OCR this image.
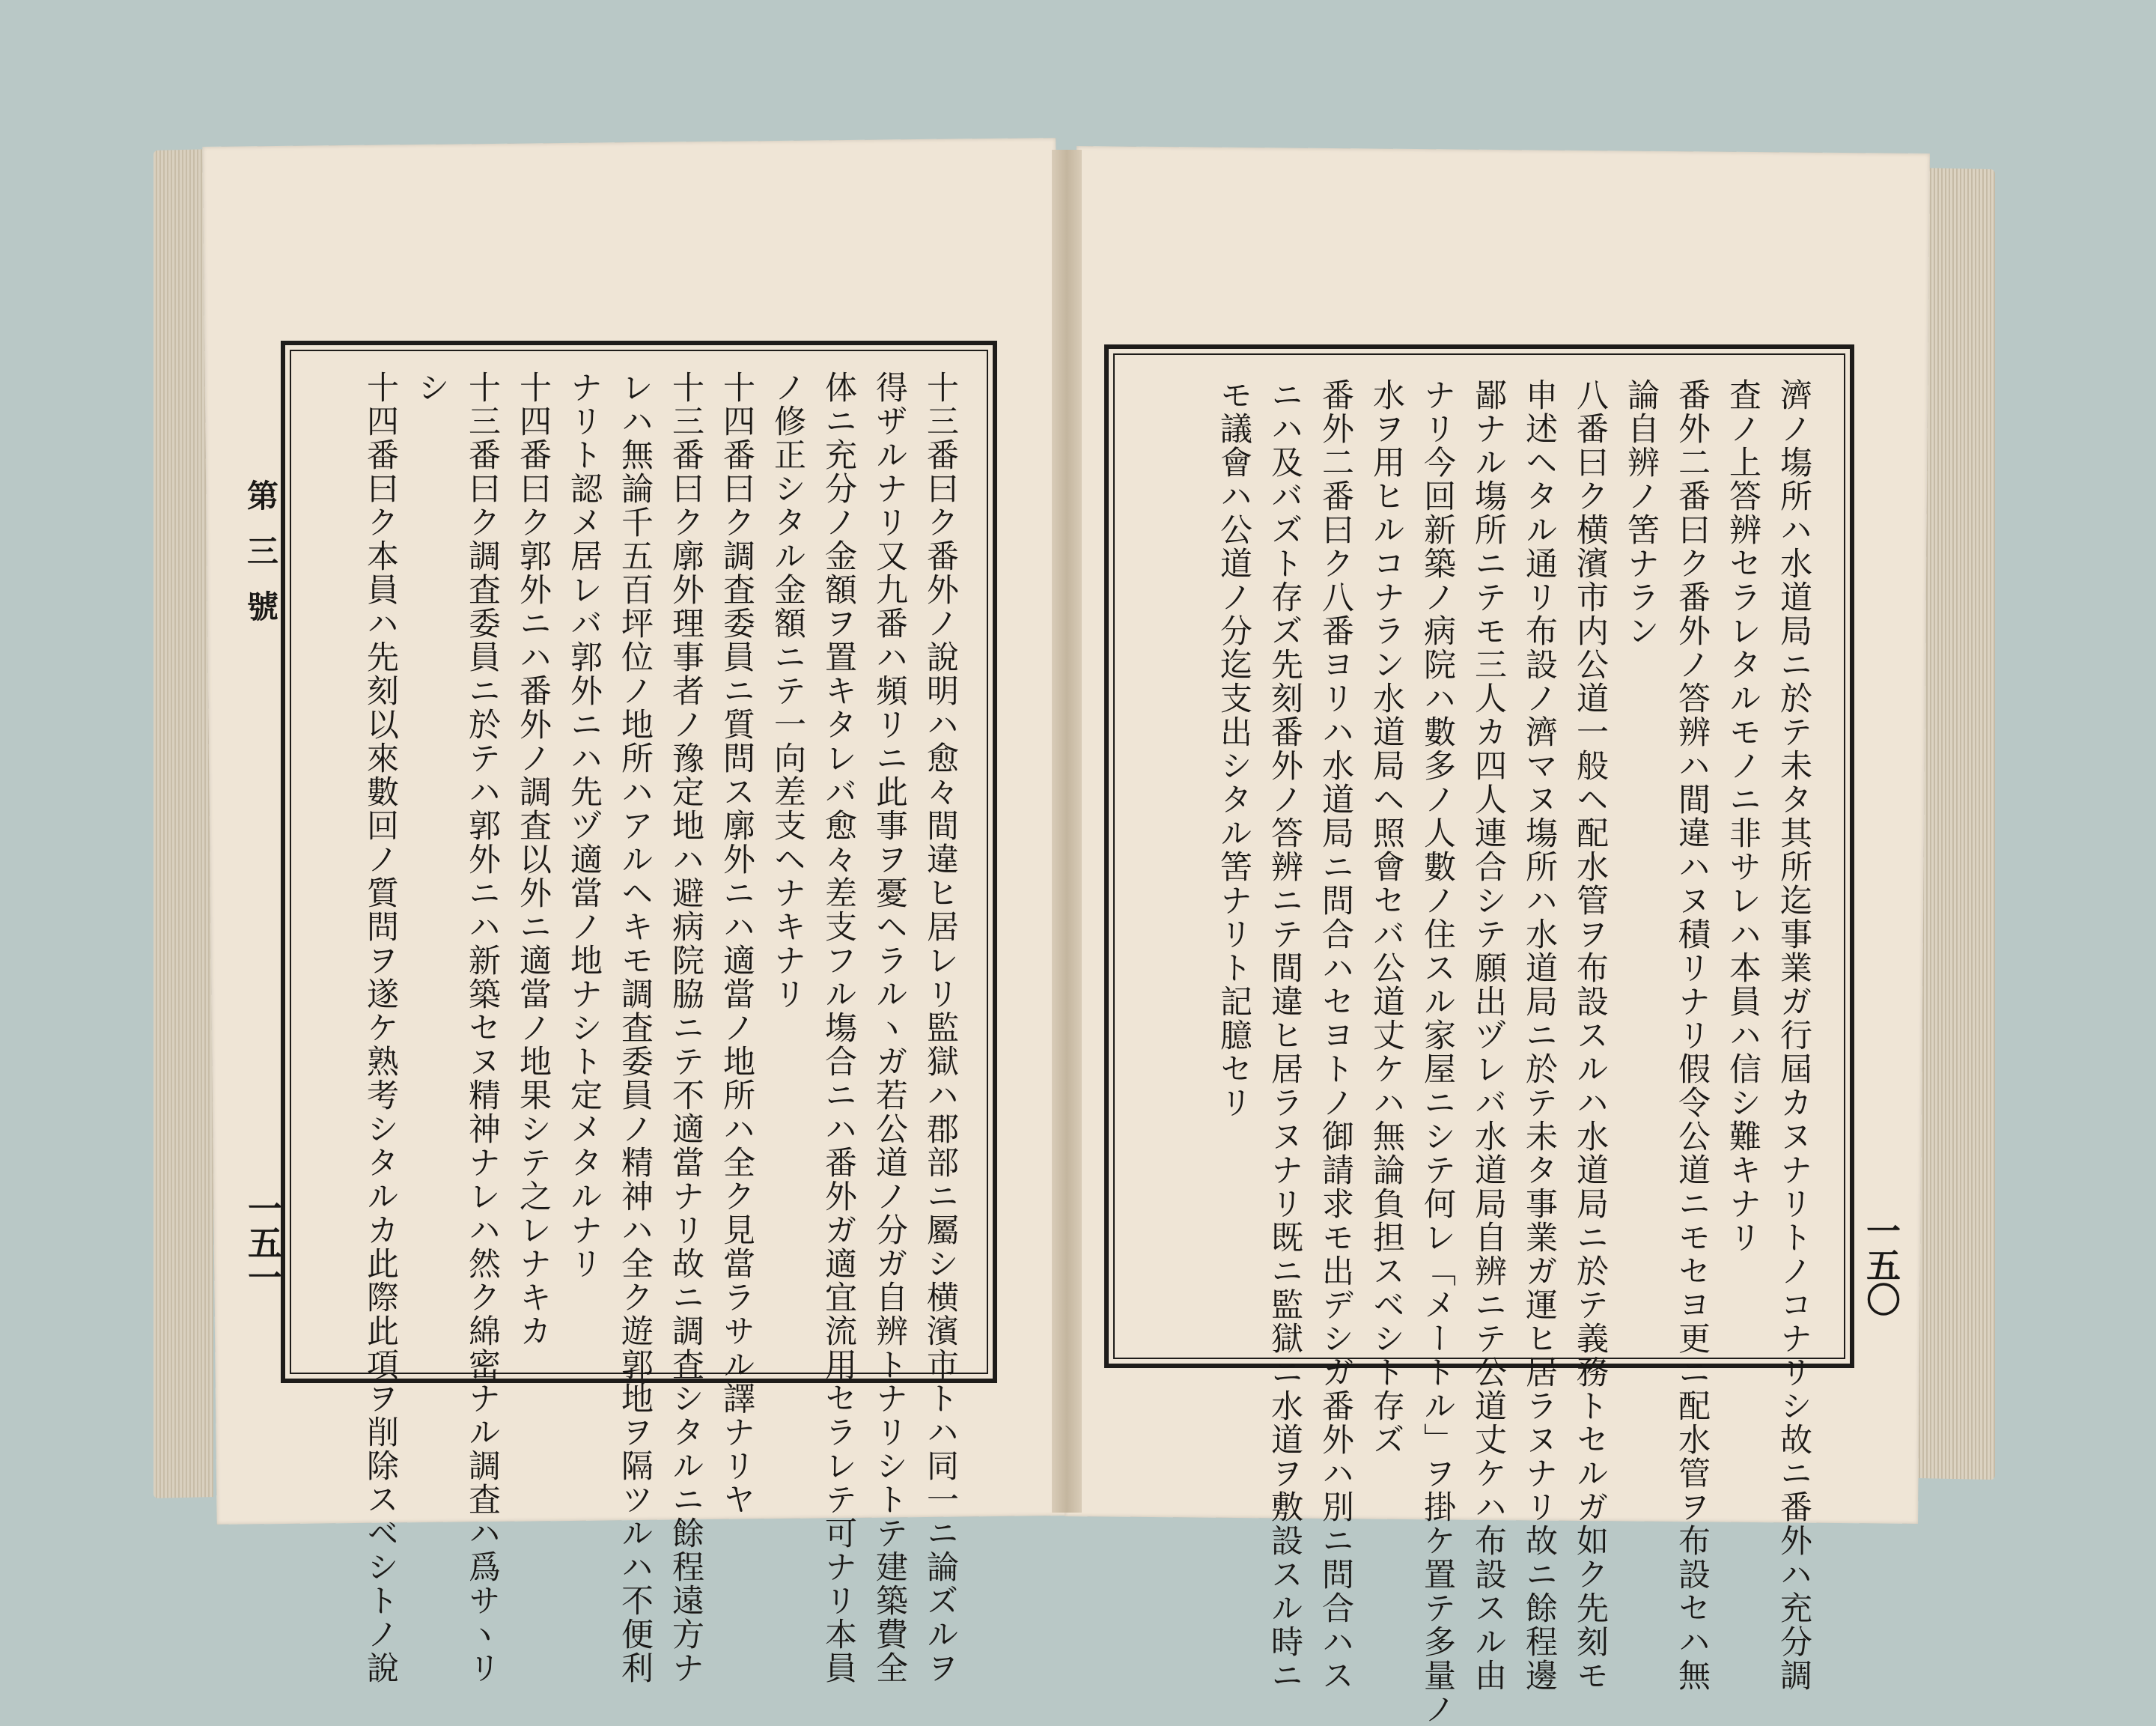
第三號
一五一	一五〇
十三番曰ク番外ノ說明ハ愈々間違ヒ居レリ監獄ハ郡部ニ屬シ横濱市トハ同一ニ論ズルヲ
得ザルナリ又九番ハ頻リニ此事ヲ憂ヘラルヽガ若公道ノ分ガ自辨トナリシトテ建築費全
体ニ充分ノ金額ヲ置キタレバ愈々差支フル塲合ニハ番外ガ適宜流用セラレテ可ナリ本員
ノ修正シタル金額ニテ一向差支ヘナキナリ
十四番曰ク調査委員ニ質問ス廓外ニハ適當ノ地所ハ全ク見當ラサル譯ナリヤ
十三番曰ク廓外理事者ノ豫定地ハ避病院脇ニテ不適當ナリ故ニ調査シタルニ餘程遠方ナ
レハ無論千五百坪位ノ地所ハアルヘキモ調査委員ノ精神ハ全ク遊郭地ヲ隔ツルハ不便利
ナリト認メ居レバ郭外ニハ先ヅ適當ノ地ナシト定メタルナリ
十四番曰ク郭外ニハ番外ノ調査以外ニ適當ノ地果シテ之レナキカ
十三番曰ク調査委員ニ於テハ郭外ニハ新築セヌ精神ナレハ然ク綿密ナル調査ハ爲サヽリ
シ
十四番曰ク本員ハ先刻以來數回ノ質問ヲ遂ケ熟考シタルカ此際此項ヲ削除スベシトノ說	濟ノ塲所ハ水道局ニ於テ未タ其所迄事業ガ行屆カヌナリトノコナリシ故ニ番外ハ充分調
査ノ上答辨セラレタルモノニ非サレハ本員ハ信シ難キナリ
番外二番曰ク番外ノ答辨ハ間違ハヌ積リナリ假令公道ニモセヨ更ニ配水管ヲ布設セハ無
論自辨ノ筈ナラン
八番曰ク横濱市内公道一般ヘ配水管ヲ布設スルハ水道局ニ於テ義務トセルガ如ク先刻モ
申述ヘタル通リ布設ノ濟マヌ塲所ハ水道局ニ於テ未タ事業ガ運ヒ居ラヌナリ故ニ餘程邊
鄙ナル塲所ニテモ三人カ四人連合シテ願出ヅレバ水道局自辨ニテ公道丈ケハ布設スル由
ナリ今回新築ノ病院ハ數多ノ人數ノ住スル家屋ニシテ何レ「メートル」ヲ掛ケ置テ多量ノ
水ヲ用ヒルコナラン水道局ヘ照會セバ公道丈ケハ無論負担スベシト存ズ
番外二番曰ク八番ヨリハ水道局ニ問合ハセヨトノ御請求モ出デシガ番外ハ別ニ問合ハス
ニハ及バズト存ズ先刻番外ノ答辨ニテ間違ヒ居ラヌナリ既ニ監獄ニ水道ヲ敷設スル時ニ
モ議會ハ公道ノ分迄支出シタル筈ナリト記臆セリ
